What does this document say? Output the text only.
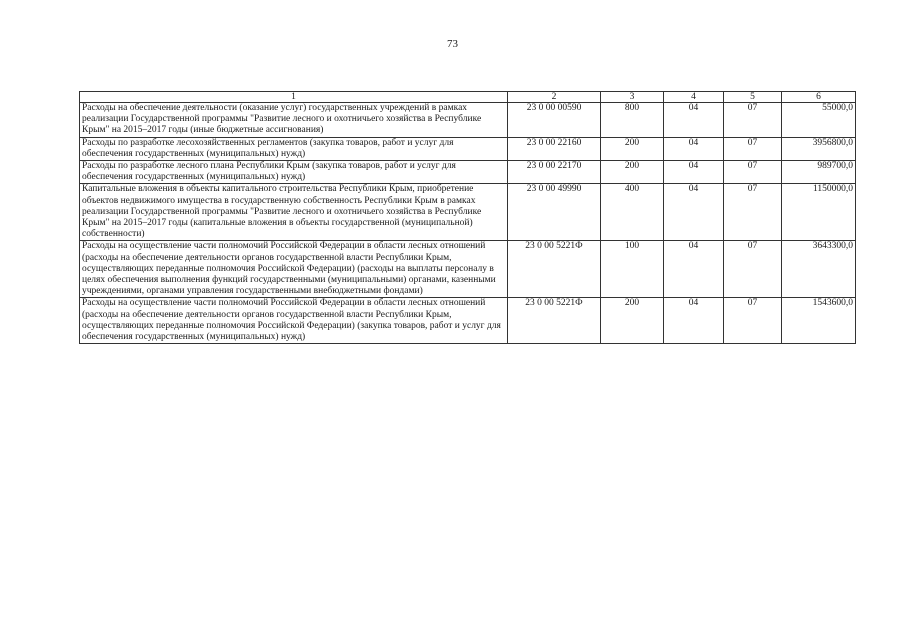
73
1	2	3	4	5	6
Расходы на обеспечение деятельности (оказание услуг) государственных учреждений в рамках реализации Государственной программы "Развитие лесного и охотничьего хозяйства в Республике Крым" на 2015–2017 годы (иные бюджетные ассигнования)	23 0 00 00590	800	04	07	55000,0
Расходы по разработке лесохозяйственных регламентов (закупка товаров, работ и услуг для обеспечения государственных (муниципальных) нужд)	23 0 00 22160	200	04	07	3956800,0
Расходы по разработке лесного плана Республики Крым (закупка товаров, работ и услуг для обеспечения государственных (муниципальных) нужд)	23 0 00 22170	200	04	07	989700,0
Капитальные вложения в объекты капитального строительства Республики Крым, приобретение объектов недвижимого имущества в государственную собственность Республики Крым в рамках реализации Государственной программы "Развитие лесного и охотничьего хозяйства в Республике Крым" на 2015–2017 годы (капитальные вложения в объекты государственной (муниципальной) собственности)	23 0 00 49990	400	04	07	1150000,0
Расходы на осуществление части полномочий Российской Федерации в области лесных отношений (расходы на обеспечение деятельности органов государственной власти Республики Крым, осуществляющих переданные полномочия Российской Федерации) (расходы на выплаты персоналу в целях обеспечения выполнения функций государственными (муниципальными) органами, казенными учреждениями, органами управления государственными внебюджетными фондами)	23 0 00 5221Ф	100	04	07	3643300,0
Расходы на осуществление части полномочий Российской Федерации в области лесных отношений (расходы на обеспечение деятельности органов государственной власти Республики Крым, осуществляющих переданные полномочия Российской Федерации) (закупка товаров, работ и услуг для обеспечения государственных (муниципальных) нужд)	23 0 00 5221Ф	200	04	07	1543600,0
